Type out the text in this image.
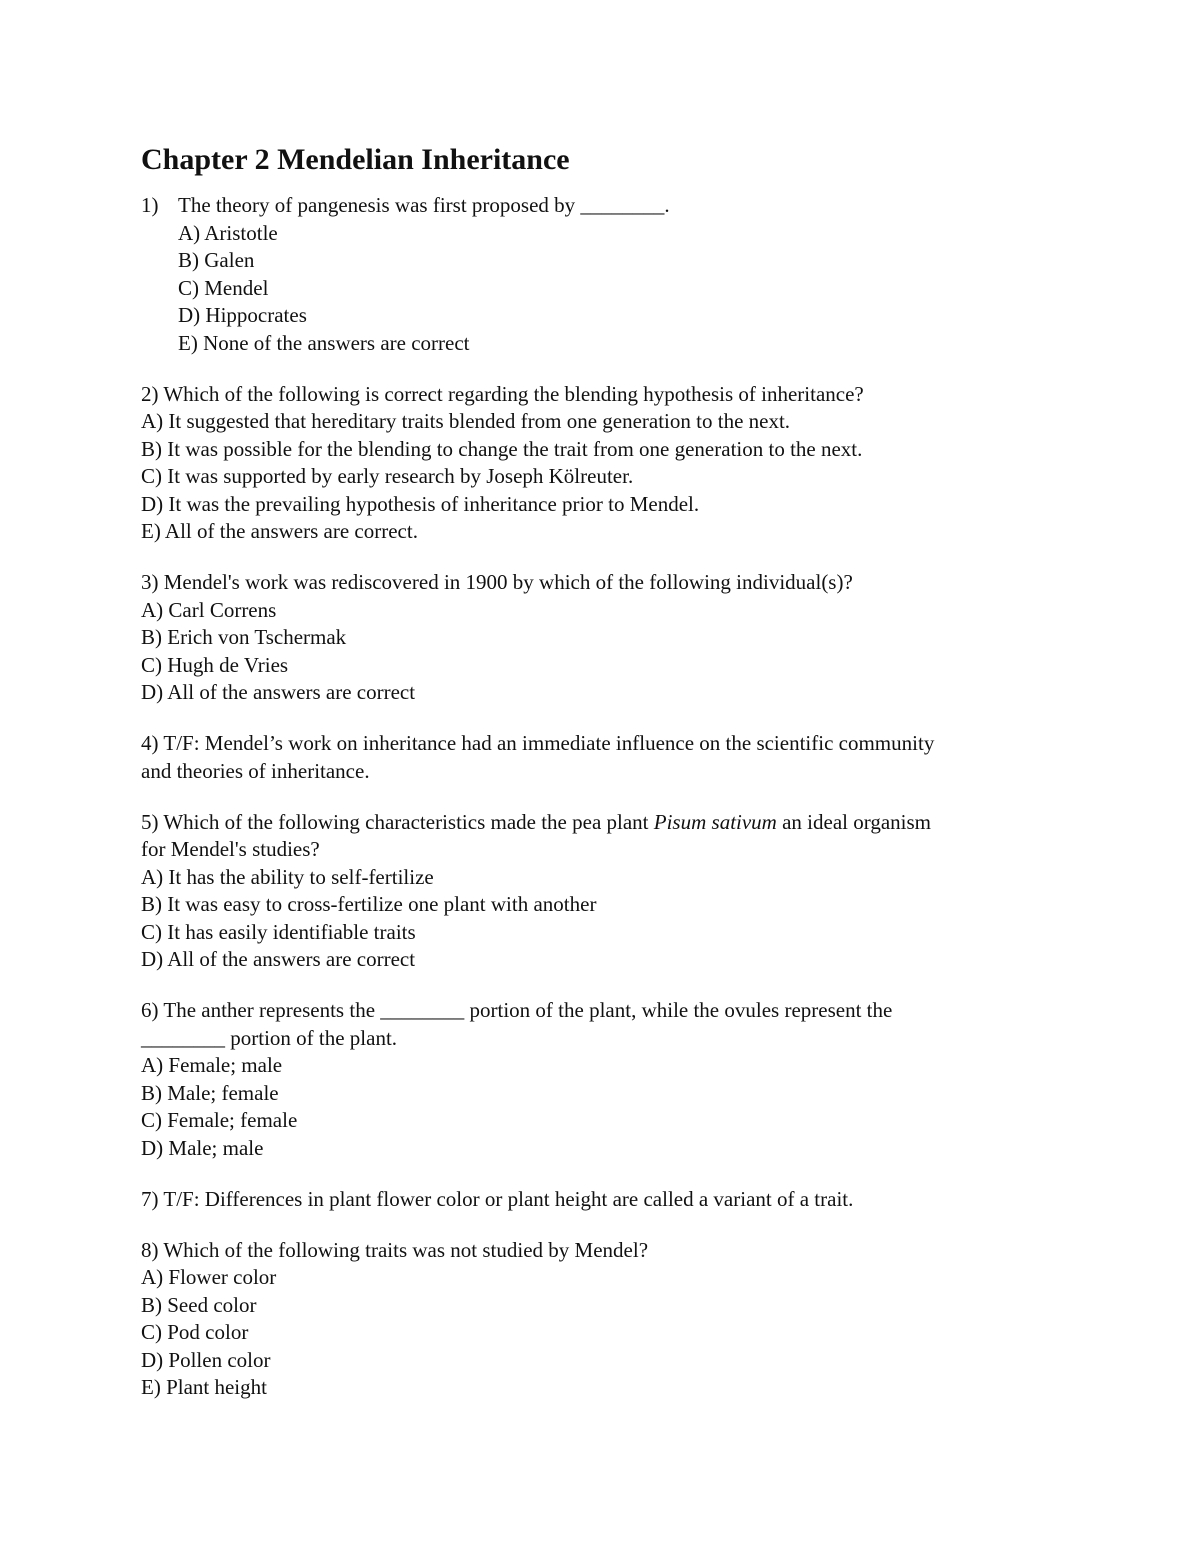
Chapter 2 Mendelian Inheritance
1) The theory of pangenesis was first proposed by ________.
A) Aristotle
B) Galen
C) Mendel
D) Hippocrates
E) None of the answers are correct
2) Which of the following is correct regarding the blending hypothesis of inheritance?
A) It suggested that hereditary traits blended from one generation to the next.
B) It was possible for the blending to change the trait from one generation to the next.
C) It was supported by early research by Joseph Kölreuter.
D) It was the prevailing hypothesis of inheritance prior to Mendel.
E) All of the answers are correct.
3) Mendel's work was rediscovered in 1900 by which of the following individual(s)?
A) Carl Correns
B) Erich von Tschermak
C) Hugh de Vries
D) All of the answers are correct
4) T/F: Mendel’s work on inheritance had an immediate influence on the scientific community
and theories of inheritance.
5) Which of the following characteristics made the pea plant Pisum sativum an ideal organism
for Mendel's studies?
A) It has the ability to self-fertilize
B) It was easy to cross-fertilize one plant with another
C) It has easily identifiable traits
D) All of the answers are correct
6) The anther represents the ________ portion of the plant, while the ovules represent the
________ portion of the plant.
A) Female; male
B) Male; female
C) Female; female
D) Male; male
7) T/F: Differences in plant flower color or plant height are called a variant of a trait.
8) Which of the following traits was not studied by Mendel?
A) Flower color
B) Seed color
C) Pod color
D) Pollen color
E) Plant height
